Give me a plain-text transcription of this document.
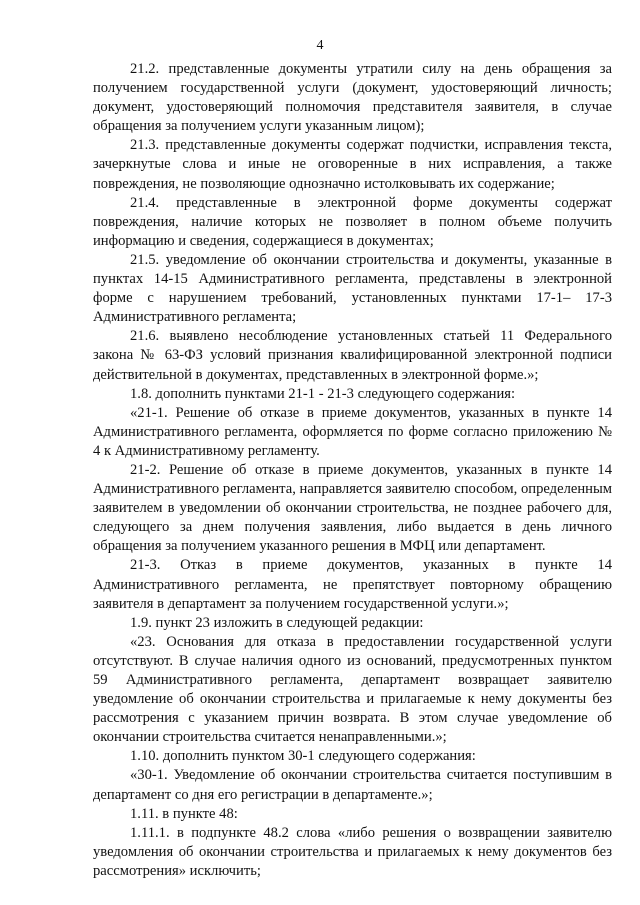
4

21.2. представленные документы утратили силу на день обращения за получением государственной услуги (документ, удостоверяющий личность; документ, удостоверяющий полномочия представителя заявителя, в случае обращения за получением услуги указанным лицом);

21.3. представленные документы содержат подчистки, исправления текста, зачеркнутые слова и иные не оговоренные в них исправления, а также повреждения, не позволяющие однозначно истолковывать их содержание;

21.4. представленные в электронной форме документы содержат повреждения, наличие которых не позволяет в полном объеме получить информацию и сведения, содержащиеся в документах;

21.5. уведомление об окончании строительства и документы, указанные в пунктах 14-15 Административного регламента, представлены в электронной форме с нарушением требований, установленных пунктами 17-1– 17-3 Административного регламента;

21.6. выявлено несоблюдение установленных статьей 11 Федерального закона № 63-ФЗ условий признания квалифицированной электронной подписи действительной в документах, представленных в электронной форме.»;

1.8. дополнить пунктами 21-1 - 21-3 следующего содержания:

«21-1. Решение об отказе в приеме документов, указанных в пункте 14 Административного регламента, оформляется по форме согласно приложению № 4 к Административному регламенту.

21-2. Решение об отказе в приеме документов, указанных в пункте 14 Административного регламента, направляется заявителю способом, определенным заявителем в уведомлении об окончании строительства, не позднее рабочего для, следующего за днем получения заявления, либо выдается в день личного обращения за получением указанного решения в МФЦ или департамент.

21-3. Отказ в приеме документов, указанных в пункте 14 Административного регламента, не препятствует повторному обращению заявителя в департамент за получением государственной услуги.»;

1.9. пункт 23 изложить в следующей редакции:

«23. Основания для отказа в предоставлении государственной услуги отсутствуют. В случае наличия одного из оснований, предусмотренных пунктом 59 Административного регламента, департамент возвращает заявителю уведомление об окончании строительства и прилагаемые к нему документы без рассмотрения с указанием причин возврата. В этом случае уведомление об окончании строительства считается ненаправленными.»;

1.10. дополнить пунктом 30-1 следующего содержания:

«30-1. Уведомление об окончании строительства считается поступившим в департамент со дня его регистрации в департаменте.»;

1.11. в пункте 48:

1.11.1. в подпункте 48.2 слова «либо решения о возвращении заявителю уведомления об окончании строительства и прилагаемых к нему документов без рассмотрения» исключить;
